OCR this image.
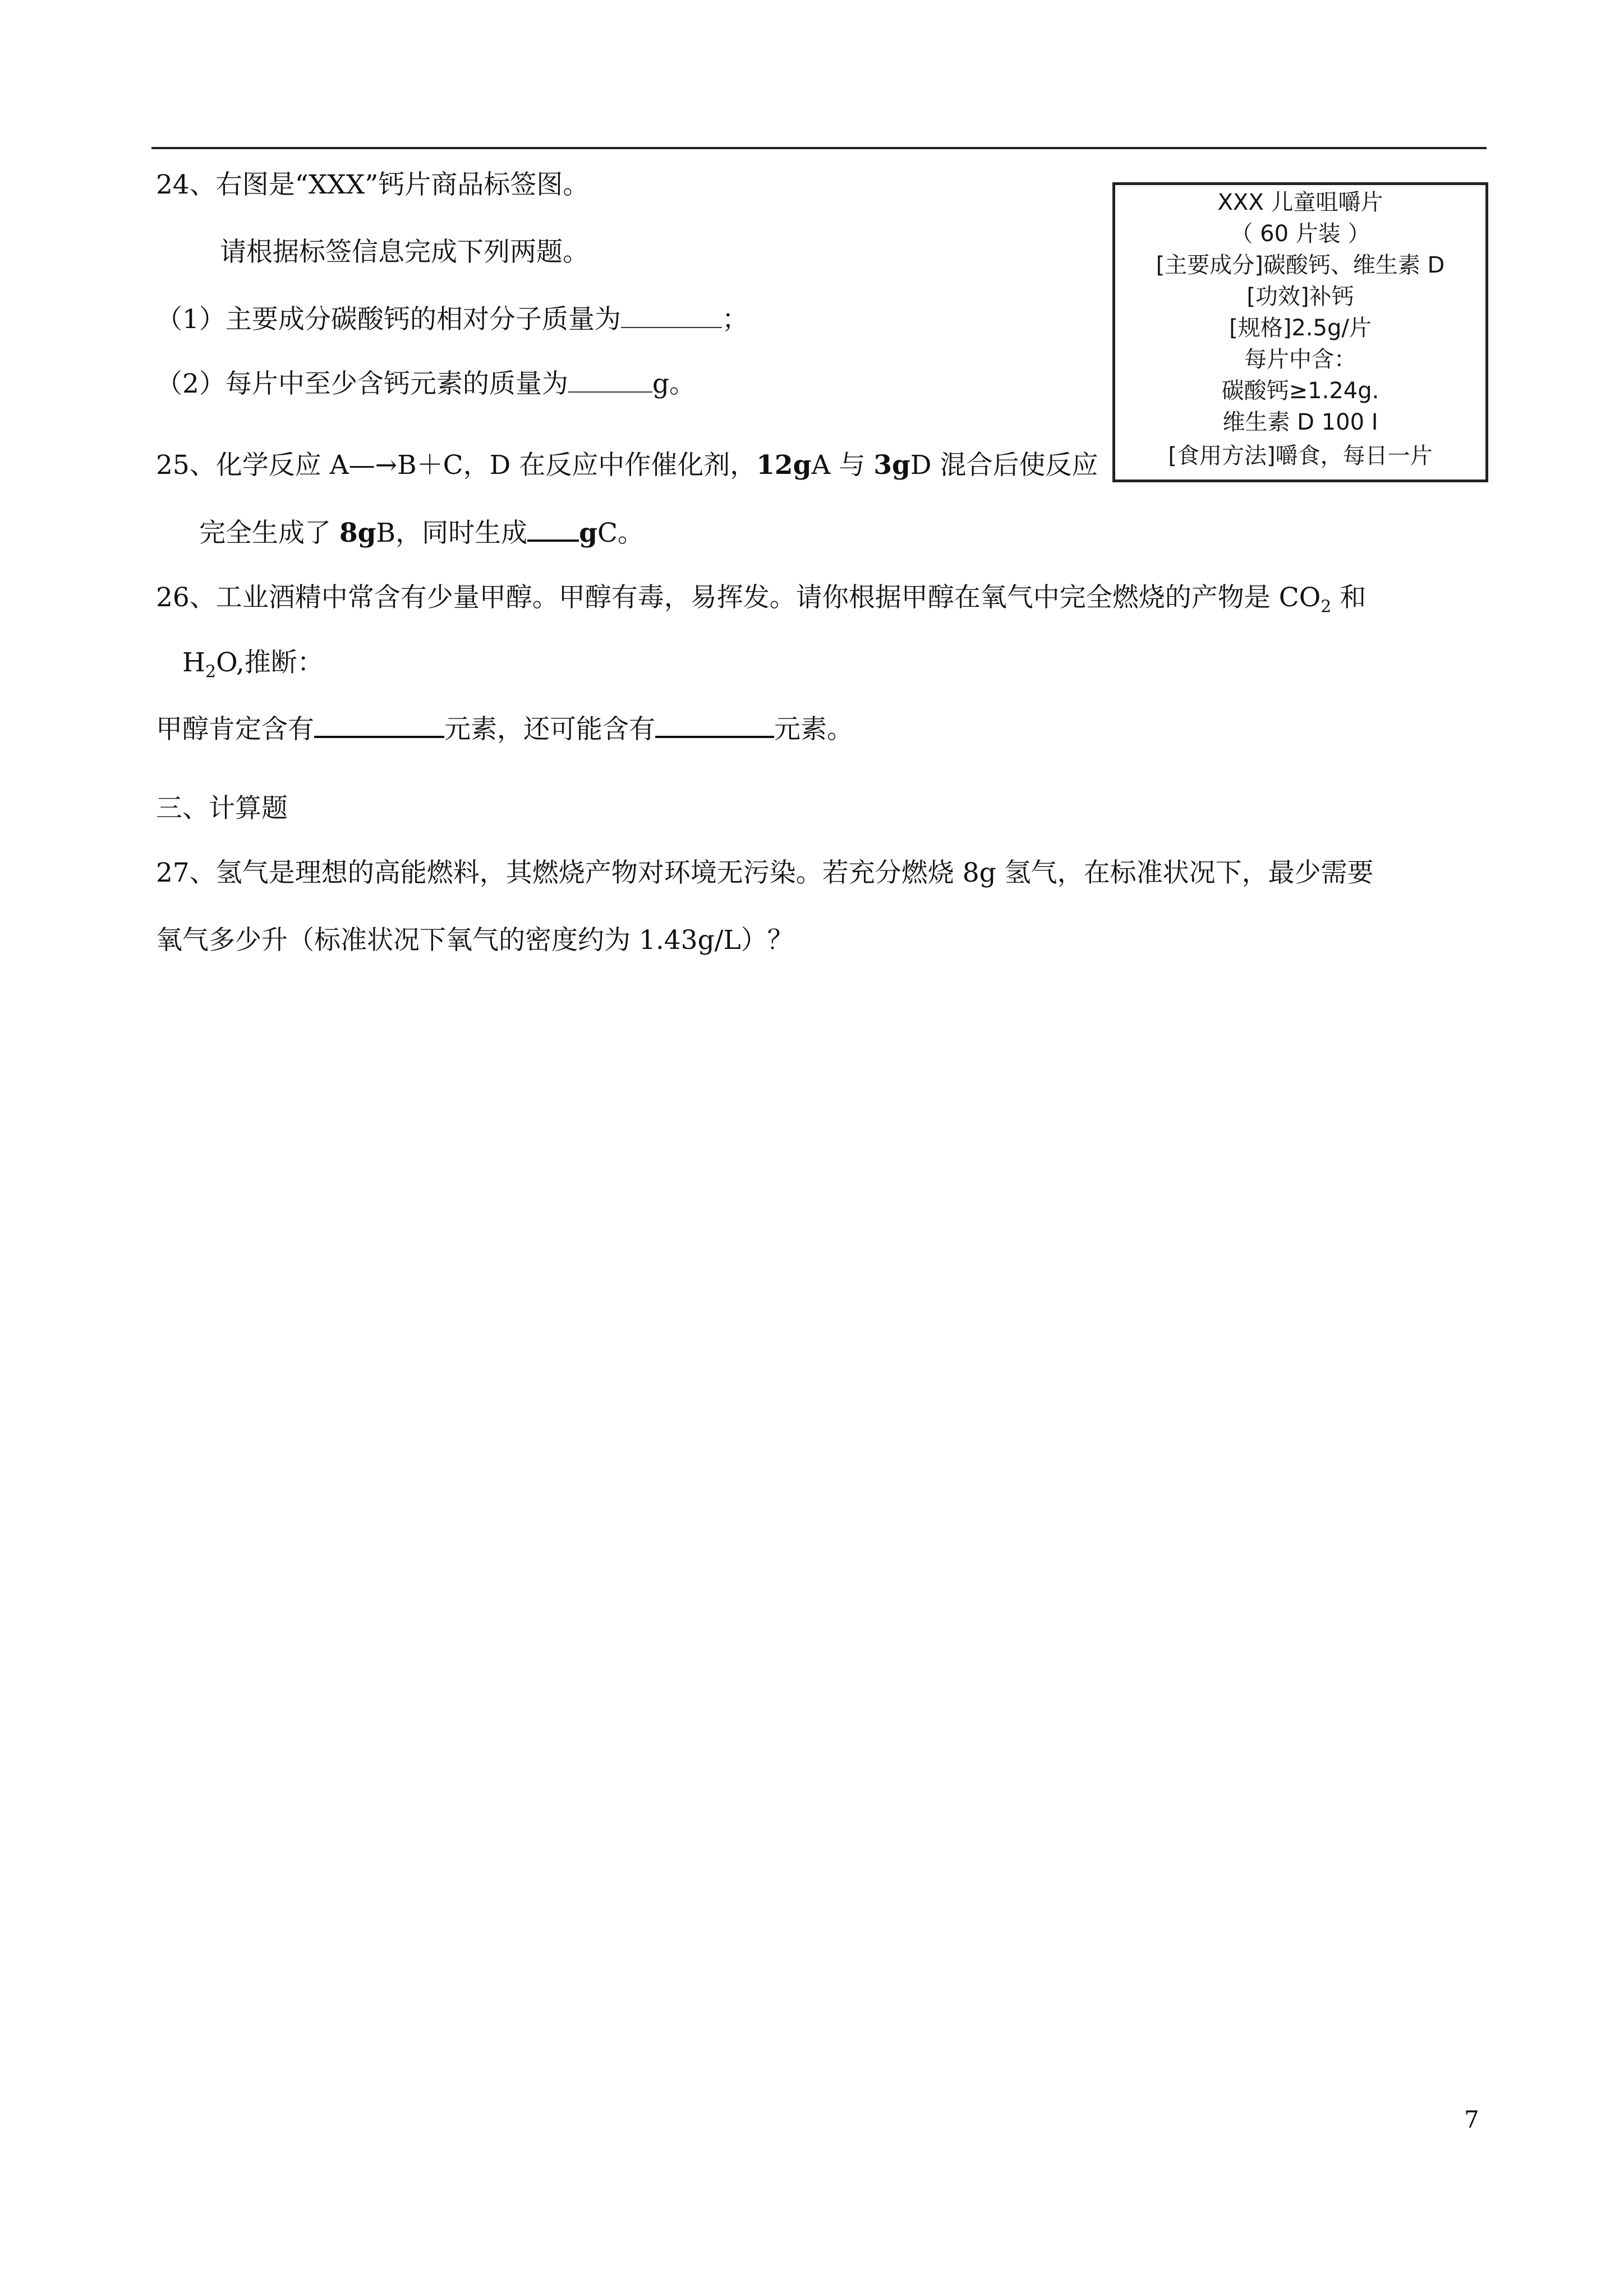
24、右图是“XXX”钙片商品标签图。
请根据标签信息完成下列两题。
（1）主要成分碳酸钙的相对分子质量为	；
（2）每片中至少含钙元素的质量为	g。
XXX 儿童咀嚼片
（ 60 片装 ）
[主要成分]碳酸钙、维生素 D
[功效]补钙
[规格]2.5g/片
每片中含：
碳酸钙≥1.24g.
维生素 D 100 I
[食用方法]嚼食，每日一片
25、化学反应 A—→B＋C，D 在反应中作催化剂，12gA 与 3gD 混合后使反应
完全生成了 8gB，同时生成 gC。
26、工业酒精中常含有少量甲醇。甲醇有毒，易挥发。请你根据甲醇在氧气中完全燃烧的产物是 $CO_2$ 和
$H_2O$,推断：
甲醇肯定含有	元素，还可能含有	元素。
三、计算题
27、氢气是理想的高能燃料，其燃烧产物对环境无污染。若充分燃烧 8g 氢气，在标准状况下，最少需要
氧气多少升（标准状况下氧气的密度约为 1.43g/L）？
7
